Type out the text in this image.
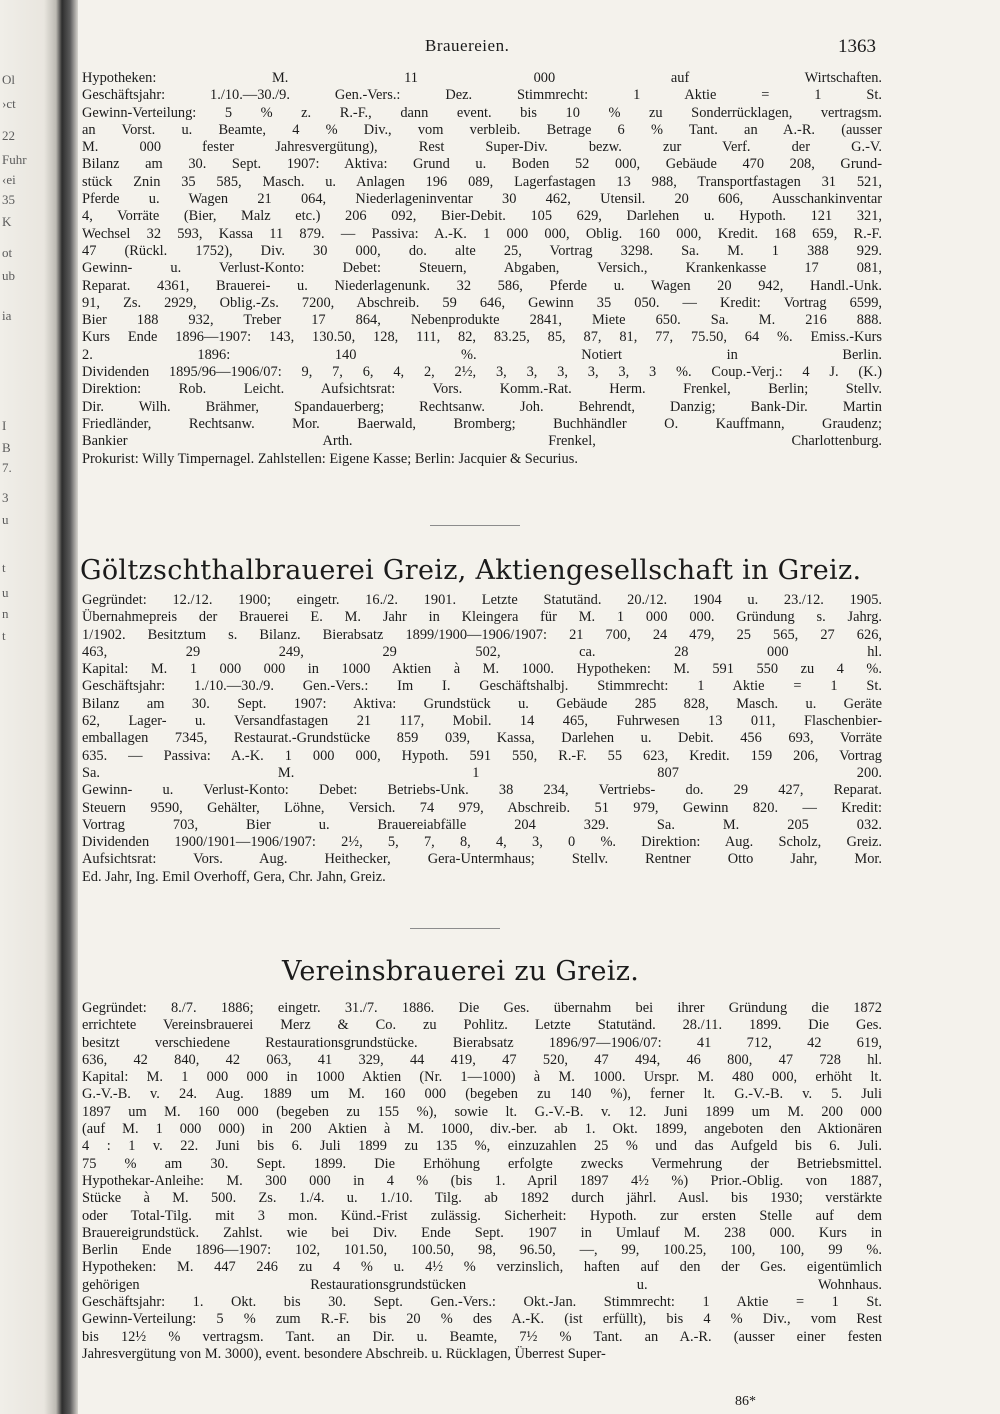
Ol
›ct
22
Fuhr
‹ei
35
K
ot
ub
ia
I
B
7.
3
u
t
u
n
t
Brauereien.	1363
Hypotheken: M. 11 000 auf Wirtschaften.
Geschäftsjahr: 1./10.—30./9. Gen.-Vers.: Dez. Stimmrecht: 1 Aktie = 1 St.
Gewinn-Verteilung: 5 % z. R.-F., dann event. bis 10 % zu Sonderrücklagen, vertragsm.
an Vorst. u. Beamte, 4 % Div., vom verbleib. Betrage 6 % Tant. an A.-R. (ausser
M. 000 fester Jahresvergütung), Rest Super-Div. bezw. zur Verf. der G.-V.
Bilanz am 30. Sept. 1907: Aktiva: Grund u. Boden 52 000, Gebäude 470 208, Grund-
stück Znin 35 585, Masch. u. Anlagen 196 089, Lagerfastagen 13 988, Transportfastagen 31 521,
Pferde u. Wagen 21 064, Niederlageninventar 30 462, Utensil. 20 606, Ausschankinventar
4, Vorräte (Bier, Malz etc.) 206 092, Bier-Debit. 105 629, Darlehen u. Hypoth. 121 321,
Wechsel 32 593, Kassa 11 879. — Passiva: A.-K. 1 000 000, Oblig. 160 000, Kredit. 168 659, R.-F.
47 (Rückl. 1752), Div. 30 000, do. alte 25, Vortrag 3298. Sa. M. 1 388 929.
Gewinn- u. Verlust-Konto: Debet: Steuern, Abgaben, Versich., Krankenkasse 17 081,
Reparat. 4361, Brauerei- u. Niederlagenunk. 32 586, Pferde u. Wagen 20 942, Handl.-Unk.
91, Zs. 2929, Oblig.-Zs. 7200, Abschreib. 59 646, Gewinn 35 050. — Kredit: Vortrag 6599,
Bier 188 932, Treber 17 864, Nebenprodukte 2841, Miete 650. Sa. M. 216 888.
Kurs Ende 1896—1907: 143, 130.50, 128, 111, 82, 83.25, 85, 87, 81, 77, 75.50, 64 %. Emiss.-Kurs
2. 1896: 140 %. Notiert in Berlin.
Dividenden 1895/96—1906/07: 9, 7, 6, 4, 2, 2½, 3, 3, 3, 3, 3, 3 %. Coup.-Verj.: 4 J. (K.)
Direktion: Rob. Leicht. Aufsichtsrat: Vors. Komm.-Rat. Herm. Frenkel, Berlin; Stellv.
Dir. Wilh. Brähmer, Spandauerberg; Rechtsanw. Joh. Behrendt, Danzig; Bank-Dir. Martin
Friedländer, Rechtsanw. Mor. Baerwald, Bromberg; Buchhändler O. Kauffmann, Graudenz;
Bankier Arth. Frenkel, Charlottenburg.
Prokurist: Willy Timpernagel. Zahlstellen: Eigene Kasse; Berlin: Jacquier & Securius.
Göltzschthalbrauerei Greiz, Aktiengesellschaft in Greiz.
Gegründet: 12./12. 1900; eingetr. 16./2. 1901. Letzte Statutänd. 20./12. 1904 u. 23./12. 1905.
Übernahmepreis der Brauerei E. M. Jahr in Kleingera für M. 1 000 000. Gründung s. Jahrg.
1/1902. Besitztum s. Bilanz. Bierabsatz 1899/1900—1906/1907: 21 700, 24 479, 25 565, 27 626,
463, 29 249, 29 502, ca. 28 000 hl.
Kapital: M. 1 000 000 in 1000 Aktien à M. 1000. Hypotheken: M. 591 550 zu 4 %.
Geschäftsjahr: 1./10.—30./9. Gen.-Vers.: Im I. Geschäftshalbj. Stimmrecht: 1 Aktie = 1 St.
Bilanz am 30. Sept. 1907: Aktiva: Grundstück u. Gebäude 285 828, Masch. u. Geräte
62, Lager- u. Versandfastagen 21 117, Mobil. 14 465, Fuhrwesen 13 011, Flaschenbier-
emballagen 7345, Restaurat.-Grundstücke 859 039, Kassa, Darlehen u. Debit. 456 693, Vorräte
635. — Passiva: A.-K. 1 000 000, Hypoth. 591 550, R.-F. 55 623, Kredit. 159 206, Vortrag
Sa. M. 1 807 200.
Gewinn- u. Verlust-Konto: Debet: Betriebs-Unk. 38 234, Vertriebs- do. 29 427, Reparat.
Steuern 9590, Gehälter, Löhne, Versich. 74 979, Abschreib. 51 979, Gewinn 820. — Kredit:
Vortrag 703, Bier u. Brauereiabfälle 204 329. Sa. M. 205 032.
Dividenden 1900/1901—1906/1907: 2½, 5, 7, 8, 4, 3, 0 %. Direktion: Aug. Scholz, Greiz.
Aufsichtsrat: Vors. Aug. Heithecker, Gera-Untermhaus; Stellv. Rentner Otto Jahr, Mor.
Ed. Jahr, Ing. Emil Overhoff, Gera, Chr. Jahn, Greiz.
Vereinsbrauerei zu Greiz.
Gegründet: 8./7. 1886; eingetr. 31./7. 1886. Die Ges. übernahm bei ihrer Gründung die 1872
errichtete Vereinsbrauerei Merz & Co. zu Pohlitz. Letzte Statutänd. 28./11. 1899. Die Ges.
besitzt verschiedene Restaurationsgrundstücke. Bierabsatz 1896/97—1906/07: 41 712, 42 619,
636, 42 840, 42 063, 41 329, 44 419, 47 520, 47 494, 46 800, 47 728 hl.
Kapital: M. 1 000 000 in 1000 Aktien (Nr. 1—1000) à M. 1000. Urspr. M. 480 000, erhöht lt.
G.-V.-B. v. 24. Aug. 1889 um M. 160 000 (begeben zu 140 %), ferner lt. G.-V.-B. v. 5. Juli
1897 um M. 160 000 (begeben zu 155 %), sowie lt. G.-V.-B. v. 12. Juni 1899 um M. 200 000
(auf M. 1 000 000) in 200 Aktien à M. 1000, div.-ber. ab 1. Okt. 1899, angeboten den Aktionären
4 : 1 v. 22. Juni bis 6. Juli 1899 zu 135 %, einzuzahlen 25 % und das Aufgeld bis 6. Juli.
75 % am 30. Sept. 1899. Die Erhöhung erfolgte zwecks Vermehrung der Betriebsmittel.
Hypothekar-Anleihe: M. 300 000 in 4 % (bis 1. April 1897 4½ %) Prior.-Oblig. von 1887,
Stücke à M. 500. Zs. 1./4. u. 1./10. Tilg. ab 1892 durch jährl. Ausl. bis 1930; verstärkte
oder Total-Tilg. mit 3 mon. Künd.-Frist zulässig. Sicherheit: Hypoth. zur ersten Stelle auf dem
Brauereigrundstück. Zahlst. wie bei Div. Ende Sept. 1907 in Umlauf M. 238 000. Kurs in
Berlin Ende 1896—1907: 102, 101.50, 100.50, 98, 96.50, —, 99, 100.25, 100, 100, 99 %.
Hypotheken: M. 447 246 zu 4 % u. 4½ % verzinslich, haften auf den der Ges. eigentümlich
gehörigen Restaurationsgrundstücken u. Wohnhaus.
Geschäftsjahr: 1. Okt. bis 30. Sept. Gen.-Vers.: Okt.-Jan. Stimmrecht: 1 Aktie = 1 St.
Gewinn-Verteilung: 5 % zum R.-F. bis 20 % des A.-K. (ist erfüllt), bis 4 % Div., vom Rest
bis 12½ % vertragsm. Tant. an Dir. u. Beamte, 7½ % Tant. an A.-R. (ausser einer festen
Jahresvergütung von M. 3000), event. besondere Abschreib. u. Rücklagen, Überrest Super-
86*
